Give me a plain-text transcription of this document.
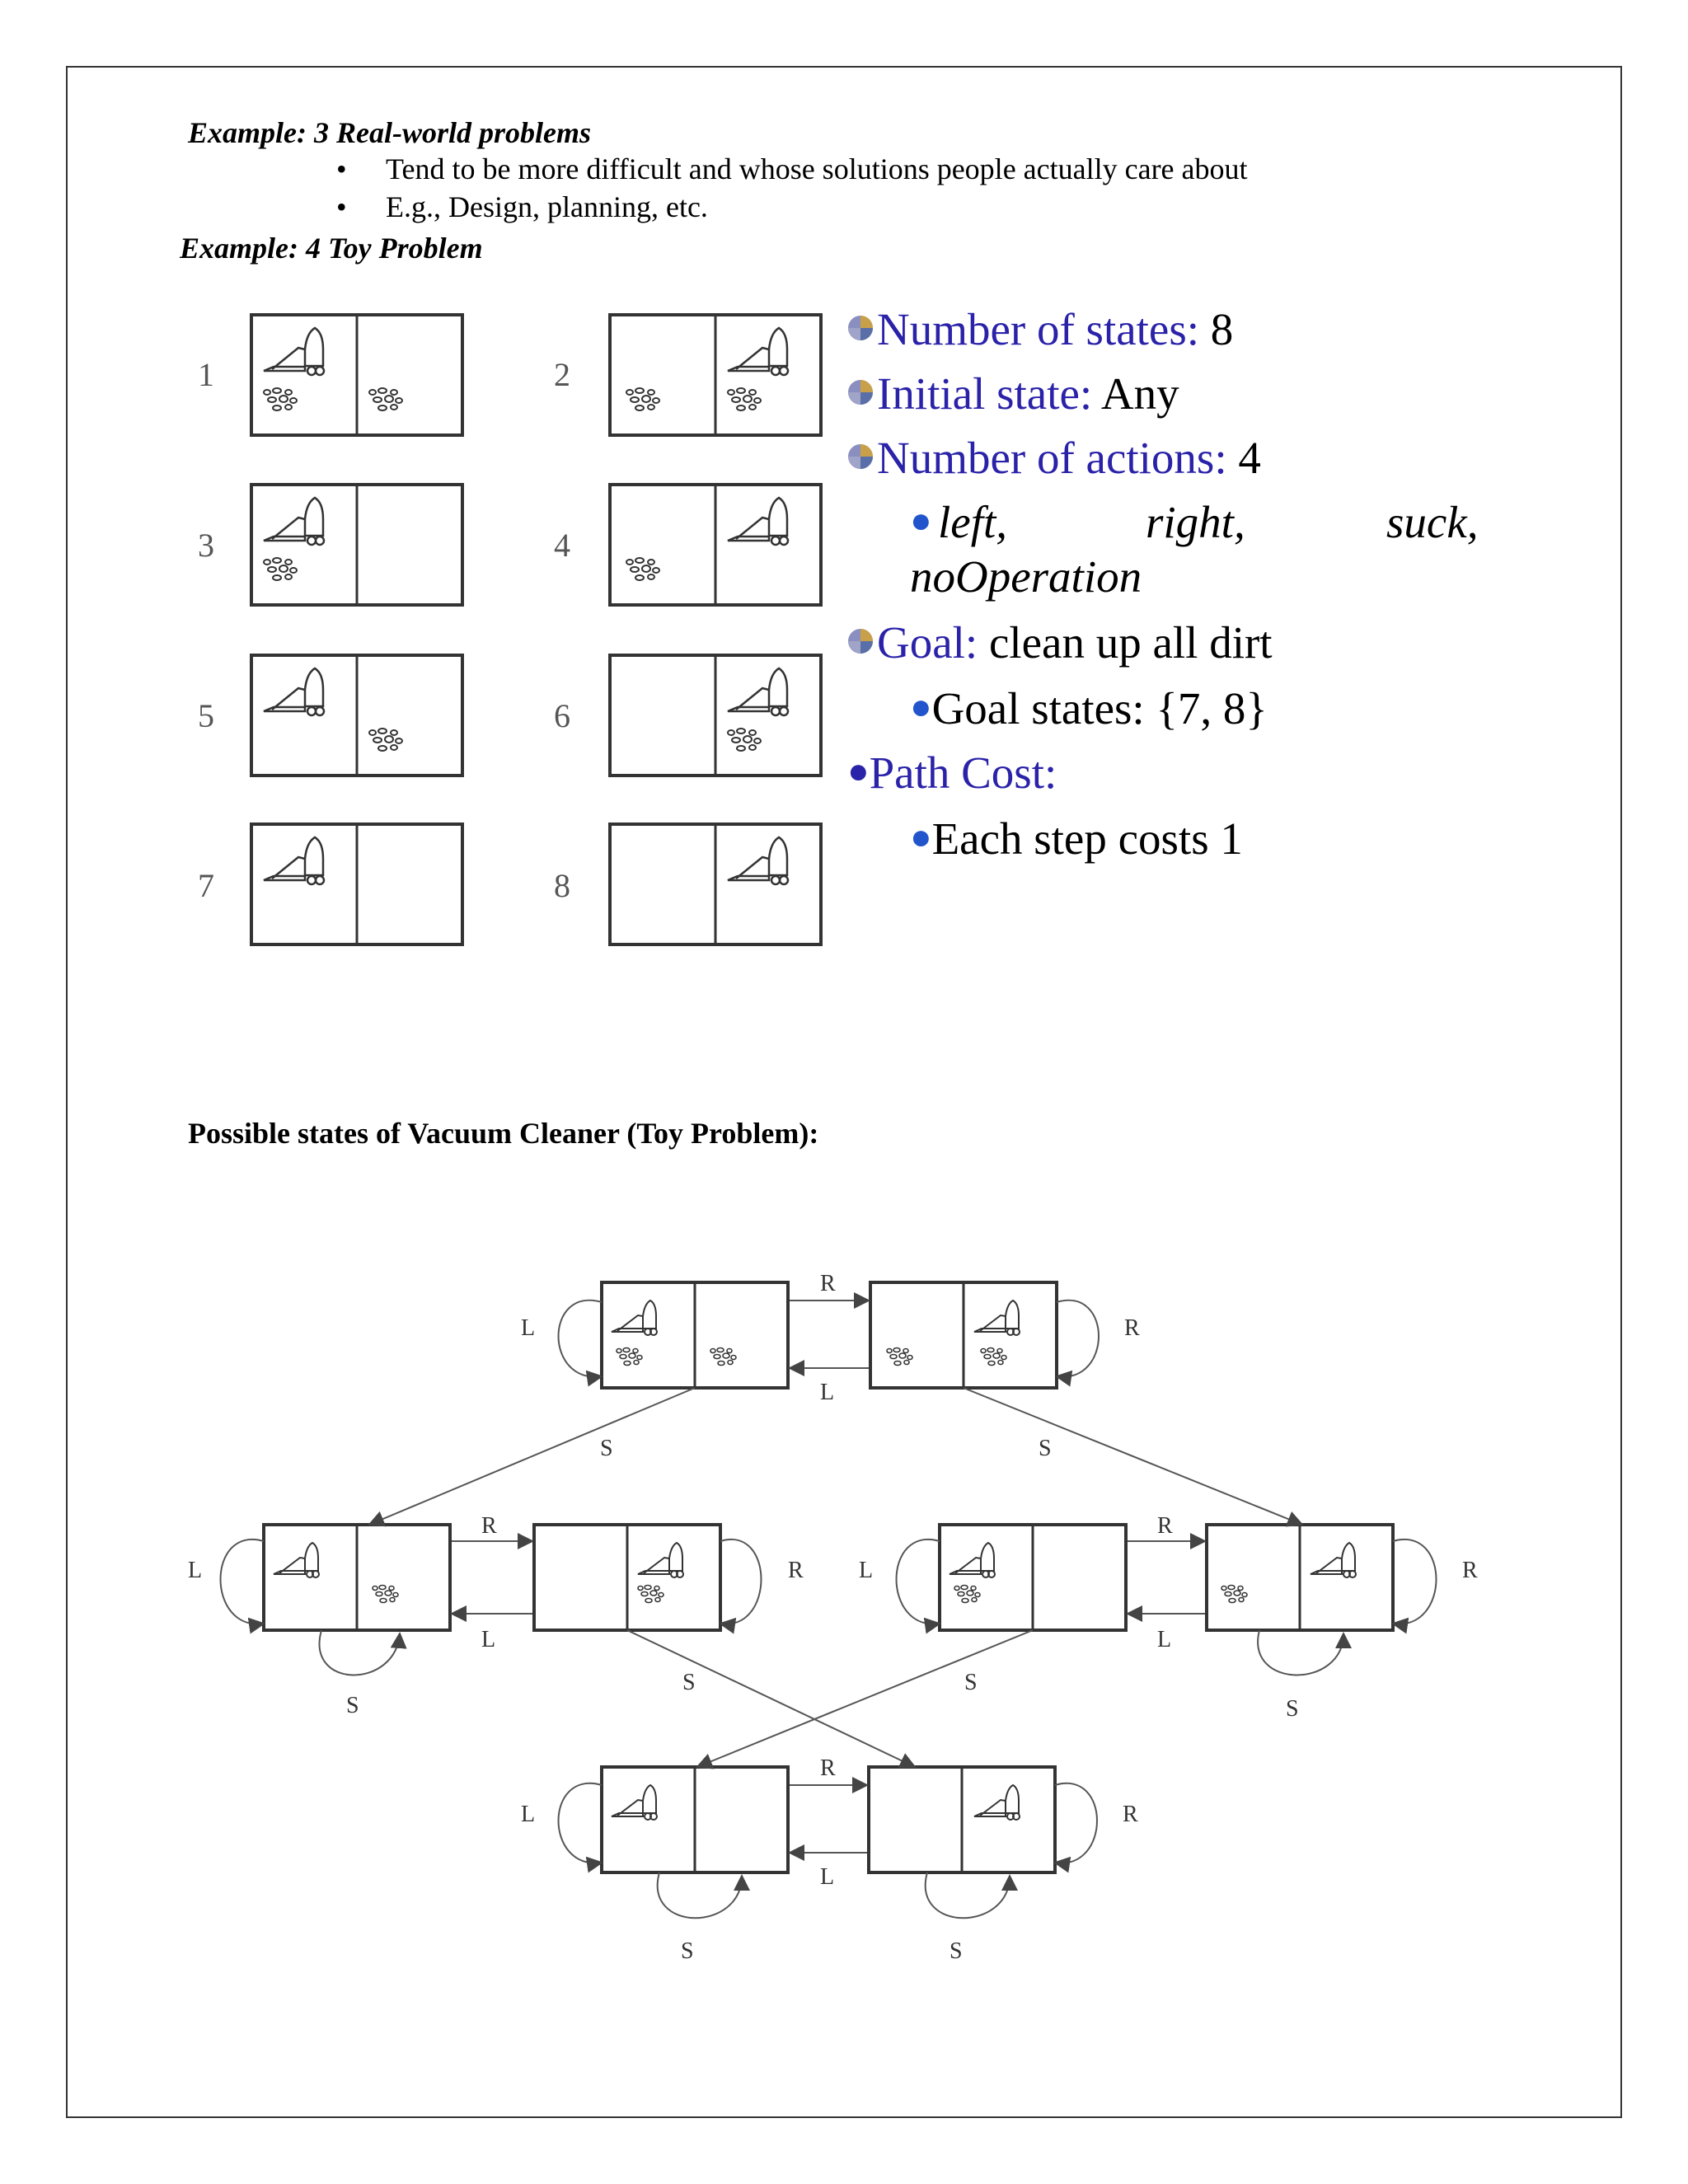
Example: 3 Real-world problems
• Tend to be more difficult and whose solutions people actually care about
• E.g., Design, planning, etc.
Example: 4 Toy Problem
1
3
5
7
2
4
6
8
Number of states: 8
Initial state: Any
Number of actions: 4
● left,	right,	suck,
noOperation
Goal: clean up all dirt
●Goal states: {7, 8}
●Path Cost:
●Each step costs 1
Possible states of Vacuum Cleaner (Toy Problem):
R
L
L	R
S	S
R
L
L	R
S
S
R
L
L	R
S
S
R
L
L	R
S	S
